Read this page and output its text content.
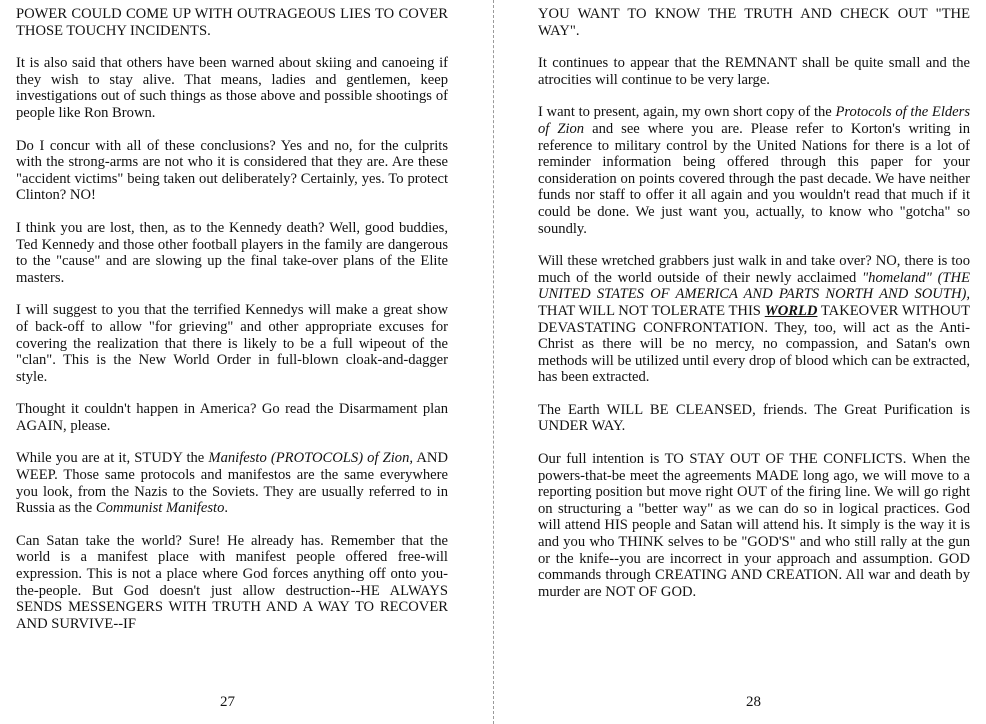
POWER COULD COME UP WITH OUTRAGEOUS LIES TO COVER THOSE TOUCHY INCIDENTS.

It is also said that others have been warned about skiing and canoeing if they wish to stay alive. That means, ladies and gentlemen, keep investigations out of such things as those above and possible shootings of people like Ron Brown.

Do I concur with all of these conclusions? Yes and no, for the culprits with the strong-arms are not who it is considered that they are. Are these "accident victims" being taken out deliberately? Certainly, yes. To protect Clinton? NO!

I think you are lost, then, as to the Kennedy death? Well, good buddies, Ted Kennedy and those other football players in the family are dangerous to the "cause" and are slowing up the final take-over plans of the Elite masters.

I will suggest to you that the terrified Kennedys will make a great show of back-off to allow "for grieving" and other appropriate excuses for covering the realization that there is likely to be a full wipeout of the "clan". This is the New World Order in full-blown cloak-and-dagger style.

Thought it couldn't happen in America? Go read the Disarmament plan AGAIN, please.

While you are at it, STUDY the Manifesto (PROTOCOLS) of Zion, AND WEEP. Those same protocols and manifestos are the same everywhere you look, from the Nazis to the Soviets. They are usually referred to in Russia as the Communist Manifesto.

Can Satan take the world? Sure! He already has. Remember that the world is a manifest place with manifest people offered free-will expression. This is not a place where God forces anything off onto you-the-people. But God doesn't just allow destruction--HE ALWAYS SENDS MESSENGERS WITH TRUTH AND A WAY TO RECOVER AND SURVIVE--IF

YOU WANT TO KNOW THE TRUTH AND CHECK OUT "THE WAY".

It continues to appear that the REMNANT shall be quite small and the atrocities will continue to be very large.

I want to present, again, my own short copy of the Protocols of the Elders of Zion and see where you are. Please refer to Korton's writing in reference to military control by the United Nations for there is a lot of reminder information being offered through this paper for your consideration on points covered through the past decade. We have neither funds nor staff to offer it all again and you wouldn't read that much if it could be done. We just want you, actually, to know who "gotcha" so soundly.

Will these wretched grabbers just walk in and take over? NO, there is too much of the world outside of their newly acclaimed "homeland" (THE UNITED STATES OF AMERICA AND PARTS NORTH AND SOUTH), THAT WILL NOT TOLERATE THIS WORLD TAKEOVER WITHOUT DEVASTATING CONFRONTATION. They, too, will act as the Anti-Christ as there will be no mercy, no compassion, and Satan's own methods will be utilized until every drop of blood which can be extracted, has been extracted.

The Earth WILL BE CLEANSED, friends. The Great Purification is UNDER WAY.

Our full intention is TO STAY OUT OF THE CONFLICTS. When the powers-that-be meet the agreements MADE long ago, we will move to a reporting position but move right OUT of the firing line. We will go right on structuring a "better way" as we can do so in logical practices. God will attend HIS people and Satan will attend his. It simply is the way it is and you who THINK selves to be "GOD'S" and who still rally at the gun or the knife--you are incorrect in your approach and assumption. GOD commands through CREATING AND CREATION. All war and death by murder are NOT OF GOD.

27	28
